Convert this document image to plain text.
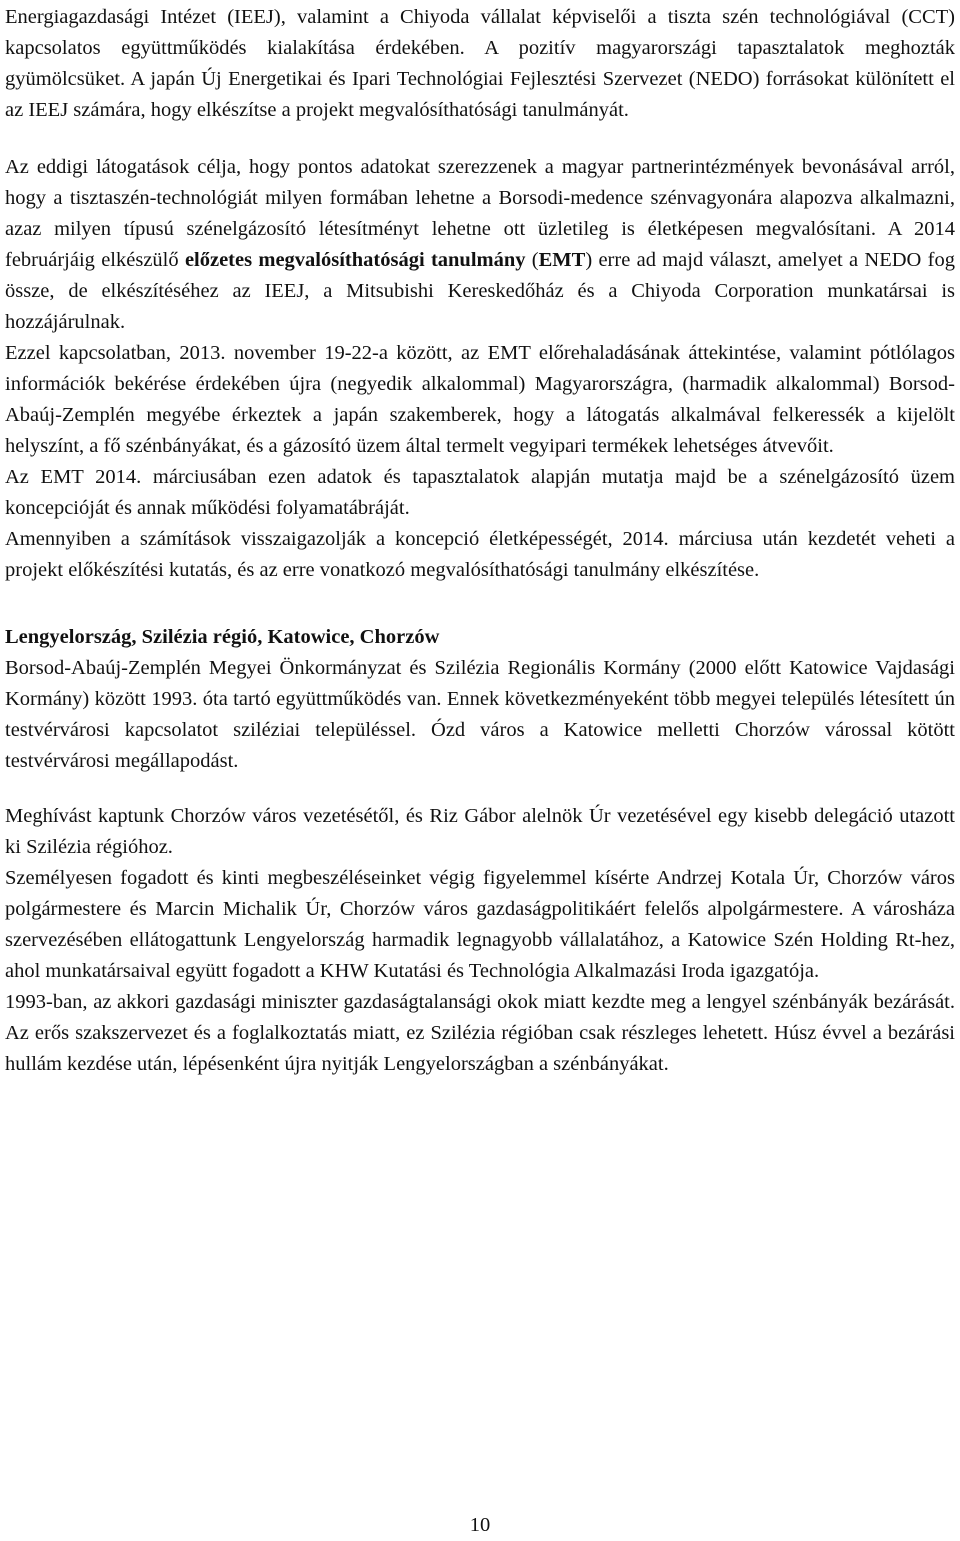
Energiagazdasági Intézet (IEEJ), valamint a Chiyoda vállalat képviselői a tiszta szén technológiával (CCT) kapcsolatos együttműködés kialakítása érdekében. A pozitív magyarországi tapasztalatok meghozták gyümölcsüket. A japán Új Energetikai és Ipari Technológiai Fejlesztési Szervezet (NEDO) forrásokat különített el az IEEJ számára, hogy elkészítse a projekt megvalósíthatósági tanulmányát.

Az eddigi látogatások célja, hogy pontos adatokat szerezzenek a magyar partnerintézmények bevonásával arról, hogy a tisztaszén-technológiát milyen formában lehetne a Borsodi-medence szénvagyonára alapozva alkalmazni, azaz milyen típusú szénelgázosító létesítményt lehetne ott üzletileg is életképesen megvalósítani. A 2014 februárjáig elkészülő előzetes megvalósíthatósági tanulmány (EMT) erre ad majd választ, amelyet a NEDO fog össze, de elkészítéséhez az IEEJ, a Mitsubishi Kereskedőház és a Chiyoda Corporation munkatársai is hozzájárulnak.

Ezzel kapcsolatban, 2013. november 19-22-a között, az EMT előrehaladásának áttekintése, valamint pótlólagos információk bekérése érdekében újra (negyedik alkalommal) Magyarországra, (harmadik alkalommal) Borsod-Abaúj-Zemplén megyébe érkeztek a japán szakemberek, hogy a látogatás alkalmával felkeressék a kijelölt helyszínt, a fő szénbányákat, és a gázosító üzem által termelt vegyipari termékek lehetséges átvevőit.

Az EMT 2014. márciusában ezen adatok és tapasztalatok alapján mutatja majd be a szénelgázosító üzem koncepcióját és annak működési folyamatábráját.

Amennyiben a számítások visszaigazolják a koncepció életképességét, 2014. márciusa után kezdetét veheti a projekt előkészítési kutatás, és az erre vonatkozó megvalósíthatósági tanulmány elkészítése.

Lengyelország, Szilézia régió, Katowice, Chorzów

Borsod-Abaúj-Zemplén Megyei Önkormányzat és Szilézia Regionális Kormány (2000 előtt Katowice Vajdasági Kormány) között 1993. óta tartó együttműködés van. Ennek következményeként több megyei település létesített ún testvérvárosi kapcsolatot sziléziai településsel. Ózd város a Katowice melletti Chorzów várossal kötött testvérvárosi megállapodást.

Meghívást kaptunk Chorzów város vezetésétől, és Riz Gábor alelnök Úr vezetésével egy kisebb delegáció utazott ki Szilézia régióhoz.

Személyesen fogadott és kinti megbeszéléseinket végig figyelemmel kísérte Andrzej Kotala Úr, Chorzów város polgármestere és Marcin Michalik Úr, Chorzów város gazdaságpolitikáért felelős alpolgármestere. A városháza szervezésében ellátogattunk Lengyelország harmadik legnagyobb vállalatához, a Katowice Szén Holding Rt-hez, ahol munkatársaival együtt fogadott a KHW Kutatási és Technológia Alkalmazási Iroda igazgatója.

1993-ban, az akkori gazdasági miniszter gazdaságtalansági okok miatt kezdte meg a lengyel szénbányák bezárását. Az erős szakszervezet és a foglalkoztatás miatt, ez Szilézia régióban csak részleges lehetett. Húsz évvel a bezárási hullám kezdése után, lépésenként újra nyitják Lengyelországban a szénbányákat.

10
